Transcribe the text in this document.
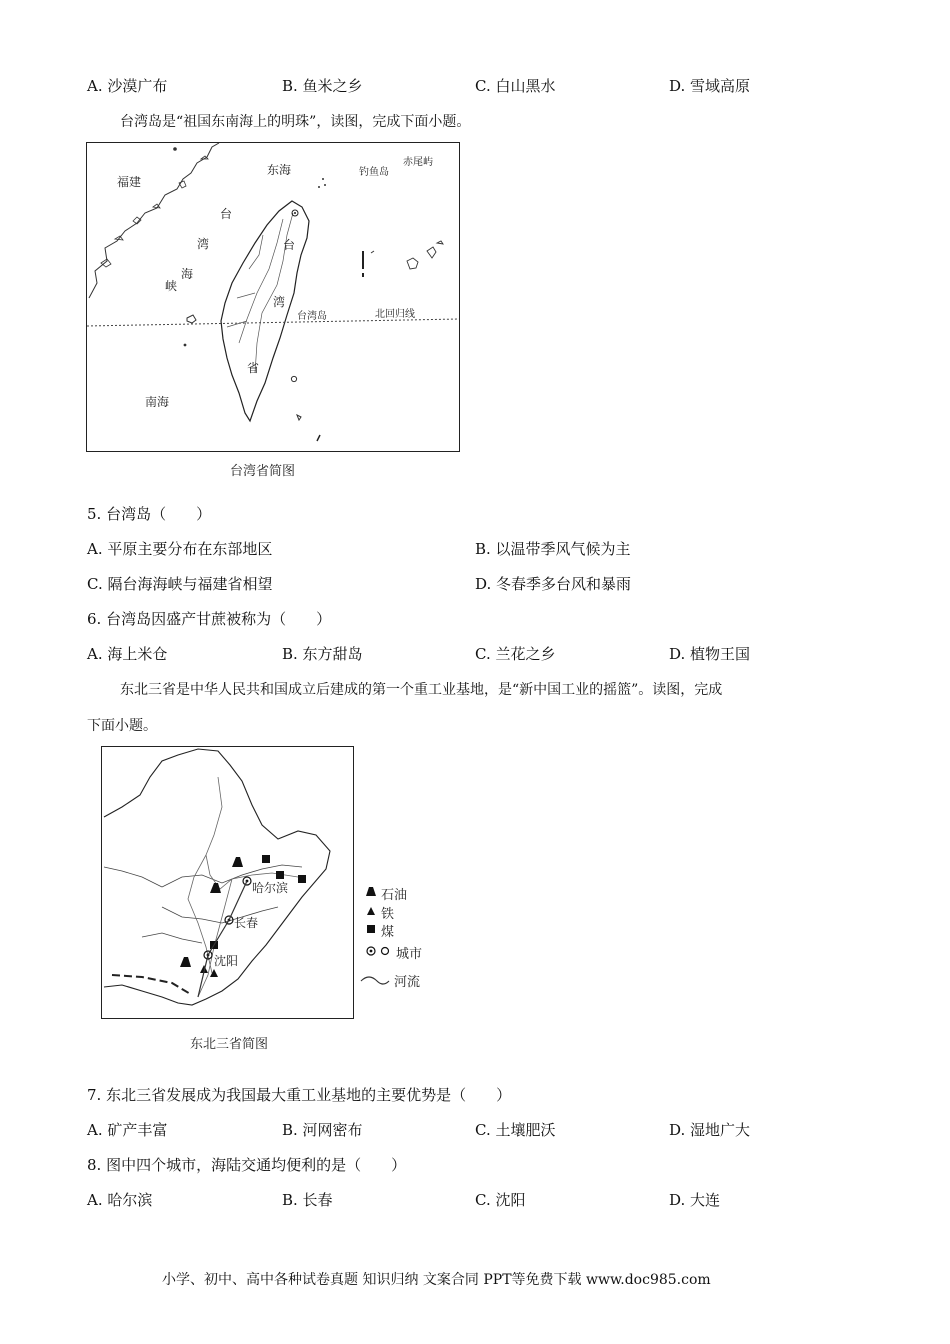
A. 沙漠广布	B. 鱼米之乡	C. 白山黑水	D. 雪域高原
台湾岛是“祖国东南海上的明珠”，读图，完成下面小题。
福建
东海	钓鱼岛
赤尾屿
台
湾
海
峡
台
湾
省
台湾岛	北回归线
南海
台湾省简图
5. 台湾岛（　　）
A. 平原主要分布在东部地区	B. 以温带季风气候为主
C. 隔台海海峡与福建省相望	D. 冬春季多台风和暴雨
6. 台湾岛因盛产甘蔗被称为（　　）
A. 海上米仓	B. 东方甜岛	C. 兰花之乡	D. 植物王国
东北三省是中华人民共和国成立后建成的第一个重工业基地，是“新中国工业的摇篮”。读图，完成
下面小题。
哈尔滨
长春
沈阳
石油
铁
煤
城市
河流
东北三省简图
7. 东北三省发展成为我国最大重工业基地的主要优势是（　　）
A. 矿产丰富	B. 河网密布	C. 土壤肥沃	D. 湿地广大
8. 图中四个城市，海陆交通均便利的是（　　）
A. 哈尔滨	B. 长春	C. 沈阳	D. 大连
小学、初中、高中各种试卷真题 知识归纳 文案合同 PPT等免费下载 www.doc985.com
